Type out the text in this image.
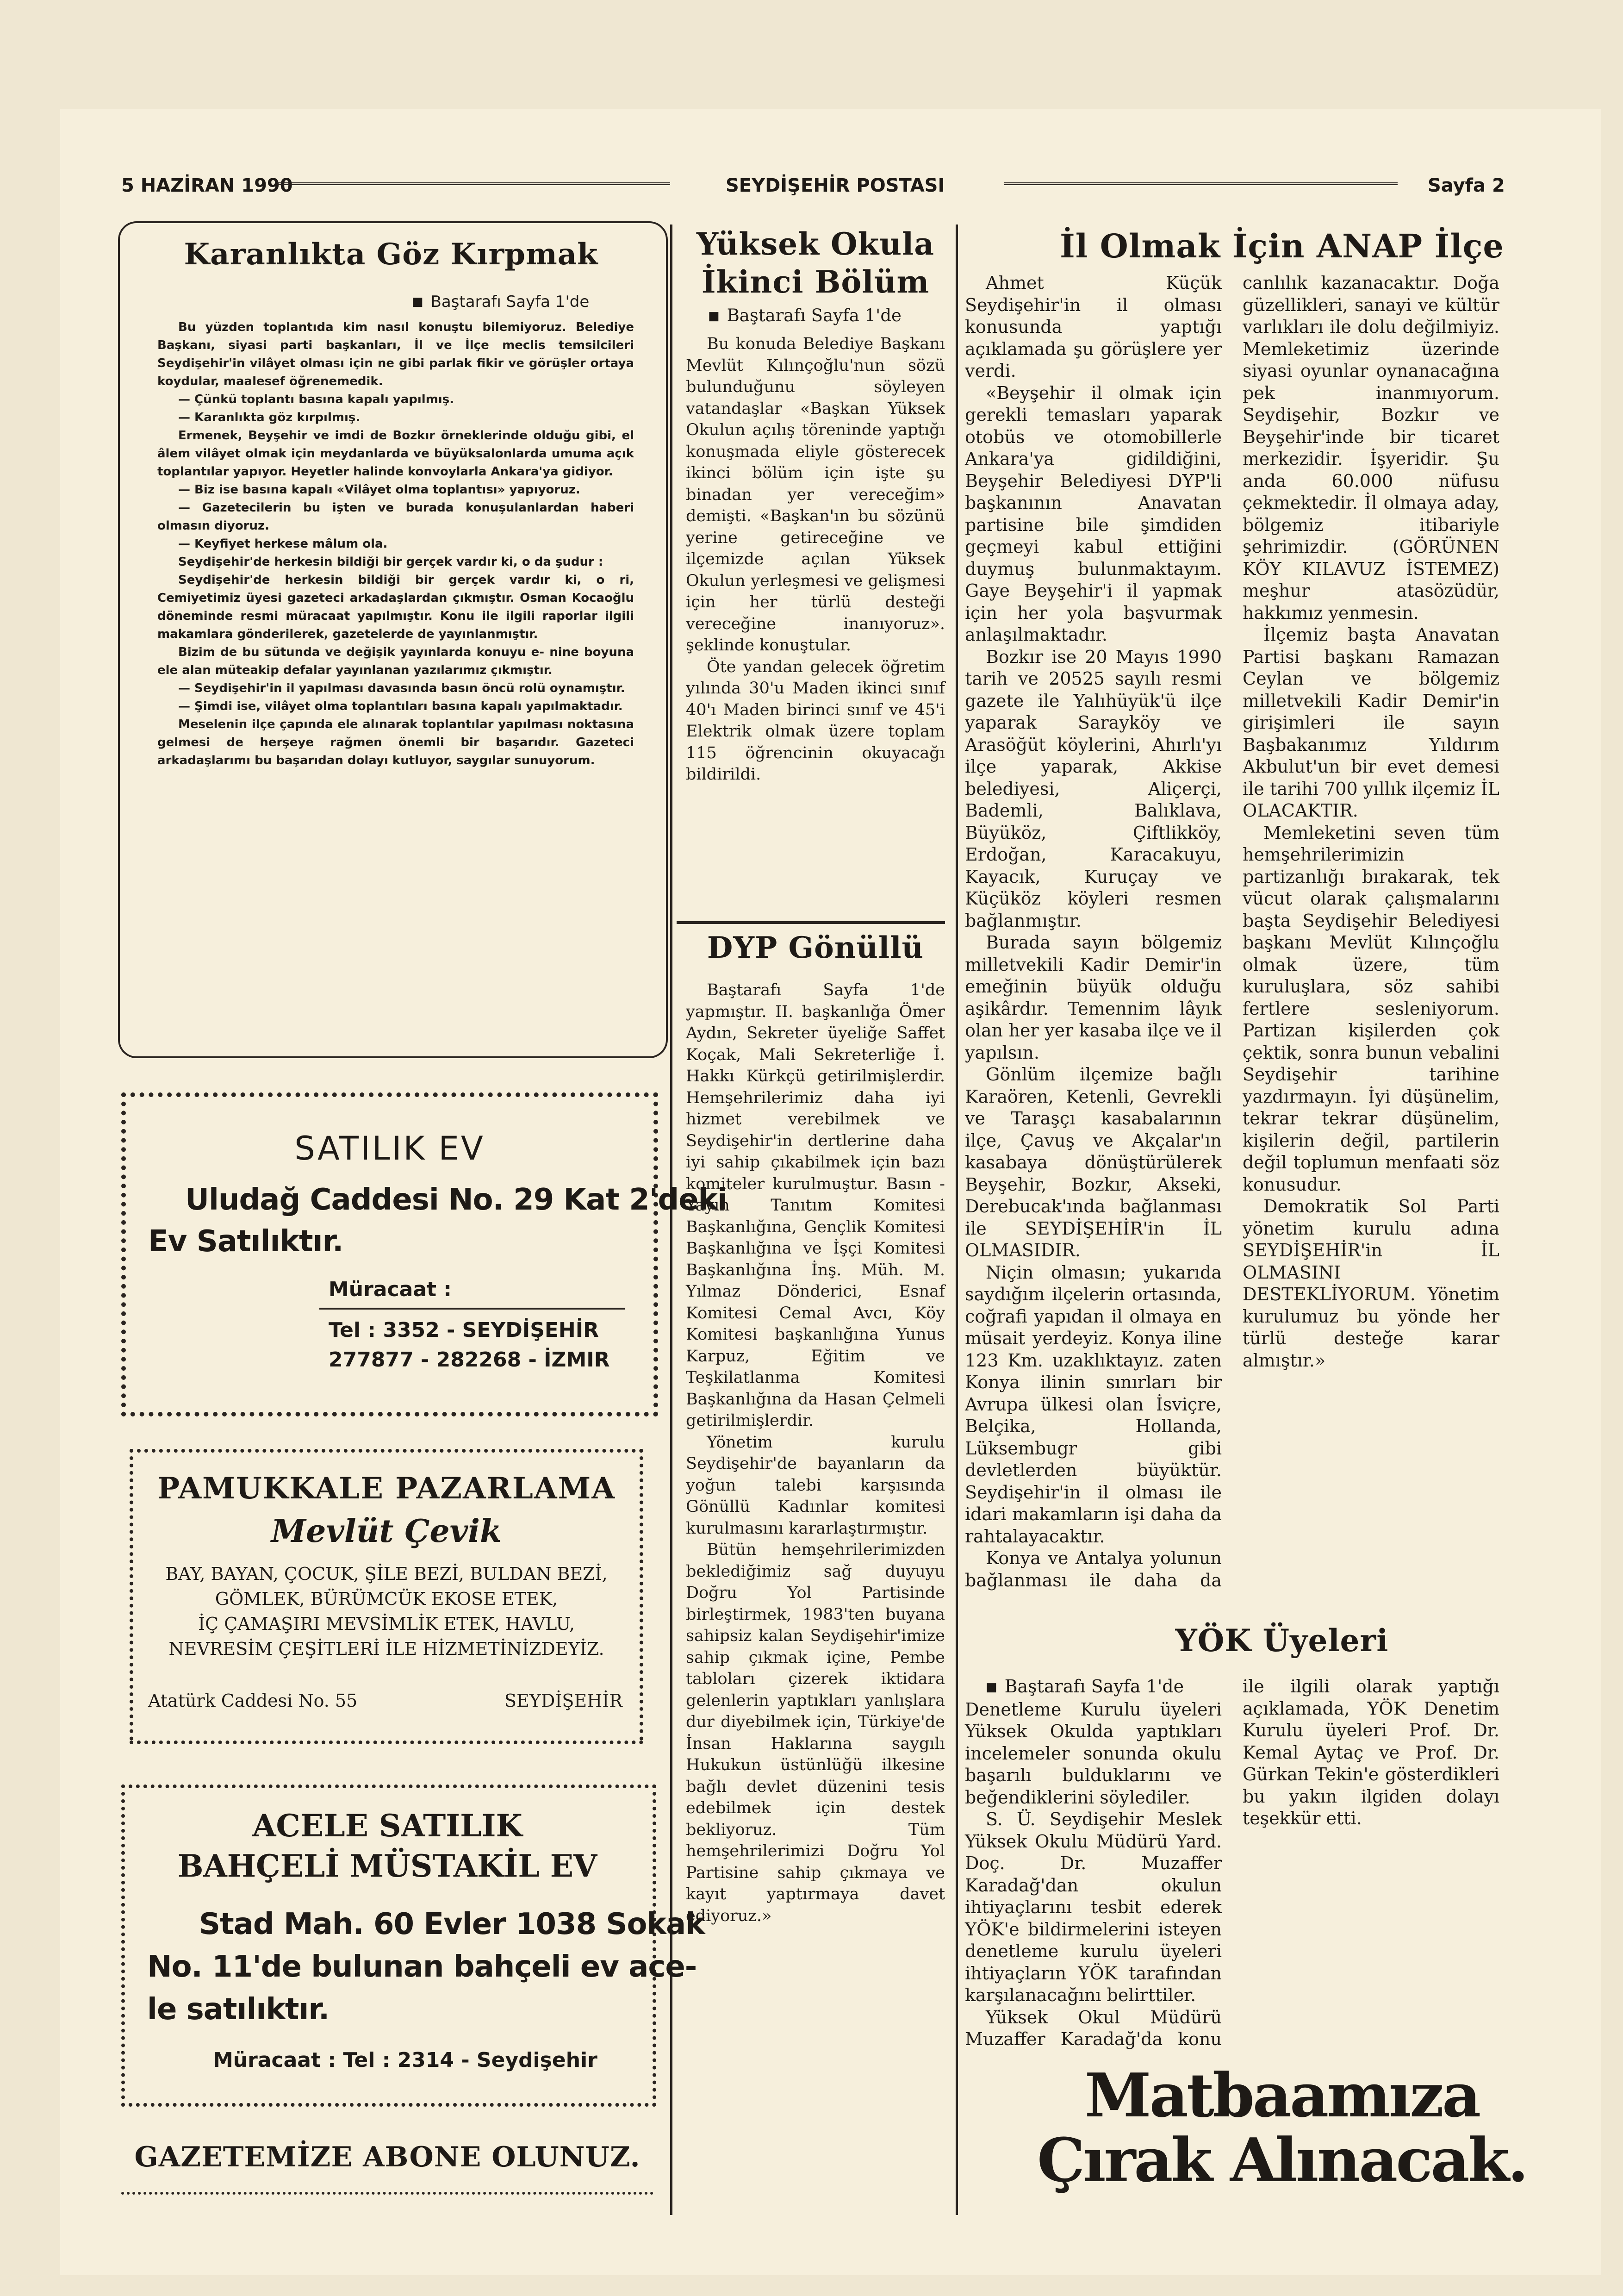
5 HAZİRAN 1990	SEYDİŞEHİR POSTASI	Sayfa 2
Karanlıkta Göz Kırpmak
■ Baştarafı Sayfa 1'de

Bu yüzden toplantıda kim nasıl konuştu bilemiyoruz. Belediye Başkanı, siyasi parti başkanları, İl ve İlçe meclis temsilcileri Seydişehir'in vilâyet olması için ne gibi parlak fikir ve görüşler ortaya koydular, maalesef öğrenemedik.

— Çünkü toplantı basına kapalı yapılmış.

— Karanlıkta göz kırpılmış.

Ermenek, Beyşehir ve imdi de Bozkır örneklerinde olduğu gibi, el âlem vilâyet olmak için meydanlarda ve büyüksalonlarda umuma açık toplantılar yapıyor. Heyetler halinde konvoylarla Ankara'ya gidiyor.

— Biz ise basına kapalı «Vilâyet olma toplantısı» yapıyoruz.

— Gazetecilerin bu işten ve burada konuşulanlardan haberi olmasın diyoruz.

— Keyfiyet herkese mâlum ola.

Seydişehir'de herkesin bildiği bir gerçek vardır ki, o da şudur :

Seydişehir'de herkesin bildiği bir gerçek vardır ki, o ri, Cemiyetimiz üyesi gazeteci arkadaşlardan çıkmıştır. Osman Kocaoğlu döneminde resmi müracaat yapılmıştır. Konu ile ilgili raporlar ilgili makamlara gönderilerek, gazetelerde de yayınlanmıştır.

Bizim de bu sütunda ve değişik yayınlarda konuyu e- nine boyuna ele alan müteakip defalar yayınlanan yazılarımız çıkmıştır.

— Seydişehir'in il yapılması davasında basın öncü rolü oynamıştır.

— Şimdi ise, vilâyet olma toplantıları basına kapalı yapılmaktadır.

Meselenin ilçe çapında ele alınarak toplantılar yapılması noktasına gelmesi de herşeye rağmen önemli bir başarıdır. Gazeteci arkadaşlarımı bu başarıdan dolayı kutluyor, saygılar sunuyorum.

SATILIK EV
Uludağ Caddesi No. 29 Kat 2'deki
Ev Satılıktır.
Müracaat :
Tel : 3352 - SEYDİŞEHİR
277877 - 282268 - İZMIR
PAMUKKALE PAZARLAMA
Mevlüt Çevik
BAY, BAYAN, ÇOCUK, ŞİLE BEZİ, BULDAN BEZİ,
GÖMLEK, BÜRÜMCÜK EKOSE ETEK,
İÇ ÇAMAŞIRI MEVSİMLİK ETEK, HAVLU,
NEVRESİM ÇEŞİTLERİ İLE HİZMETİNİZDEYİZ.
Atatürk Caddesi No. 55	SEYDİŞEHİR
ACELE SATILIK
BAHÇELİ MÜSTAKİL EV
Stad Mah. 60 Evler 1038 Sokak
No. 11'de bulunan bahçeli ev ace-
le satılıktır.
Müracaat : Tel : 2314 - Seydişehir
GAZETEMİZE ABONE OLUNUZ.
Yüksek Okula
İkinci Bölüm
■ Baştarafı Sayfa 1'de

Bu konuda Belediye Başkanı Mevlüt Kılınçoğlu'nun sözü bulunduğunu söyleyen vatandaşlar «Başkan Yüksek Okulun açılış töreninde yaptığı konuşmada eliyle gösterecek ikinci bölüm için işte şu binadan yer vereceğim» demişti. «Başkan'ın bu sözünü yerine getireceğine ve ilçemizde açılan Yüksek Okulun yerleşmesi ve gelişmesi için her türlü desteği vereceğine inanıyoruz». şeklinde konuştular.

Öte yandan gelecek öğretim yılında 30'u Maden ikinci sınıf 40'ı Maden birinci sınıf ve 45'i Elektrik olmak üzere toplam 115 öğrencinin okuyacağı bildirildi.

DYP Gönüllü

Baştarafı Sayfa 1'de yapmıştır. II. başkanlığa Ömer Aydın, Sekreter üyeliğe Saffet Koçak, Mali Sekreterliğe İ. Hakkı Kürkçü getirilmişlerdir. Hemşehrilerimiz daha iyi hizmet verebilmek ve Seydişehir'in dertlerine daha iyi sahip çıkabilmek için bazı komiteler kurulmuştur. Basın - Yayın Tanıtım Komitesi Başkanlığına, Gençlik Komitesi Başkanlığına ve İşçi Komitesi Başkanlığına İnş. Müh. M. Yılmaz Dönderici, Esnaf Komitesi Cemal Avcı, Köy Komitesi başkanlığına Yunus Karpuz, Eğitim ve Teşkilatlanma Komitesi Başkanlığına da Hasan Çelmeli getirilmişlerdir.

Yönetim kurulu Seydişehir'de bayanların da yoğun talebi karşısında Gönüllü Kadınlar komitesi kurulmasını kararlaştırmıştır.

Bütün hemşehrilerimizden beklediğimiz sağ duyuyu Doğru Yol Partisinde birleştirmek, 1983'ten buyana sahipsiz kalan Seydişehir'imize sahip çıkmak içine, Pembe tabloları çizerek iktidara gelenlerin yaptıkları yanlışlara dur diyebilmek için, Türkiye'de İnsan Haklarına saygılı Hukukun üstünlüğü ilkesine bağlı devlet düzenini tesis edebilmek için destek bekliyoruz. Tüm hemşehrilerimizi Doğru Yol Partisine sahip çıkmaya ve kayıt yaptırmaya davet ediyoruz.»

İl Olmak İçin ANAP İlçe

Ahmet Küçük Seydişehir'in il olması konusunda yaptığı açıklamada şu görüşlere yer verdi.

«Beyşehir il olmak için gerekli temasları yaparak otobüs ve otomobillerle Ankara'ya gidildiğini, Beyşehir Belediyesi DYP'li başkanının Anavatan partisine bile şimdiden geçmeyi kabul ettiğini duymuş bulunmaktayım. Gaye Beyşehir'i il yapmak için her yola başvurmak anlaşılmaktadır.

Bozkır ise 20 Mayıs 1990 tarih ve 20525 sayılı resmi gazete ile Yalıhüyük'ü ilçe yaparak Sarayköy ve Arasöğüt köylerini, Ahırlı'yı ilçe yaparak, Akkise belediyesi, Aliçerçi, Bademli, Balıklava, Büyüköz, Çiftlikköy, Erdoğan, Karacakuyu, Kayacık, Kuruçay ve Küçüköz köyleri resmen bağlanmıştır.

Burada sayın bölgemiz milletvekili Kadir Demir'in emeğinin büyük olduğu aşikârdır. Temennim lâyık olan her yer kasaba ilçe ve il yapılsın.

Gönlüm ilçemize bağlı Karaören, Ketenli, Gevrekli ve Taraşçı kasabalarının ilçe, Çavuş ve Akçalar'ın kasabaya dönüştürülerek Beyşehir, Bozkır, Akseki, Derebucak'ında bağlanması ile SEYDİŞEHİR'in İL OLMASIDIR.

Niçin olmasın; yukarıda saydığım ilçelerin ortasında, coğrafi yapıdan il olmaya en müsait yerdeyiz. Konya iline 123 Km. uzaklıktayız. zaten Konya ilinin sınırları bir Avrupa ülkesi olan İsviçre, Belçika, Hollanda, Lüksembugr gibi devletlerden büyüktür. Seydişehir'in il olması ile idari makamların işi daha da rahtalayacaktır.

Konya ve Antalya yolunun bağlanması ile daha da canlılık kazanacaktır. Doğa güzellikleri, sanayi ve kültür varlıkları ile dolu değilmiyiz. Memleketimiz üzerinde siyasi oyunlar oynanacağına pek inanmıyorum. Seydişehir, Bozkır ve Beyşehir'inde bir ticaret merkezidir. İşyeridir. Şu anda 60.000 nüfusu çekmektedir. İl olmaya aday, bölgemiz itibariyle şehrimizdir. (GÖRÜNEN KÖY KILAVUZ İSTEMEZ) meşhur atasözüdür, hakkımız yenmesin.

İlçemiz başta Anavatan Partisi başkanı Ramazan Ceylan ve bölgemiz milletvekili Kadir Demir'in girişimleri ile sayın Başbakanımız Yıldırım Akbulut'un bir evet demesi ile tarihi 700 yıllık ilçemiz İL OLACAKTIR.

Memleketini seven tüm hemşehrilerimizin partizanlığı bırakarak, tek vücut olarak çalışmalarını başta Seydişehir Belediyesi başkanı Mevlüt Kılınçoğlu olmak üzere, tüm kuruluşlara, söz sahibi fertlere sesleniyorum. Partizan kişilerden çok çektik, sonra bunun vebalini Seydişehir tarihine yazdırmayın. İyi düşünelim, tekrar tekrar düşünelim, kişilerin değil, partilerin değil toplumun menfaati söz konusudur.

Demokratik Sol Parti yönetim kurulu adına SEYDİŞEHİR'in İL OLMASINI DESTEKLİYORUM. Yönetim kurulumuz bu yönde her türlü desteğe karar almıştır.»

YÖK Üyeleri

■ Baştarafı Sayfa 1'de

Denetleme Kurulu üyeleri Yüksek Okulda yaptıkları incelemeler sonunda okulu başarılı bulduklarını ve beğendiklerini söylediler.

S. Ü. Seydişehir Meslek Yüksek Okulu Müdürü Yard. Doç. Dr. Muzaffer Karadağ'dan okulun ihtiyaçlarını tesbit ederek YÖK'e bildirmelerini isteyen denetleme kurulu üyeleri ihtiyaçların YÖK tarafından karşılanacağını belirttiler.

Yüksek Okul Müdürü Muzaffer Karadağ'da konu ile ilgili olarak yaptığı açıklamada, YÖK Denetim Kurulu üyeleri Prof. Dr. Kemal Aytaç ve Prof. Dr. Gürkan Tekin'e gösterdikleri bu yakın ilgiden dolayı teşekkür etti.

Matbaamıza
Çırak Alınacak.
